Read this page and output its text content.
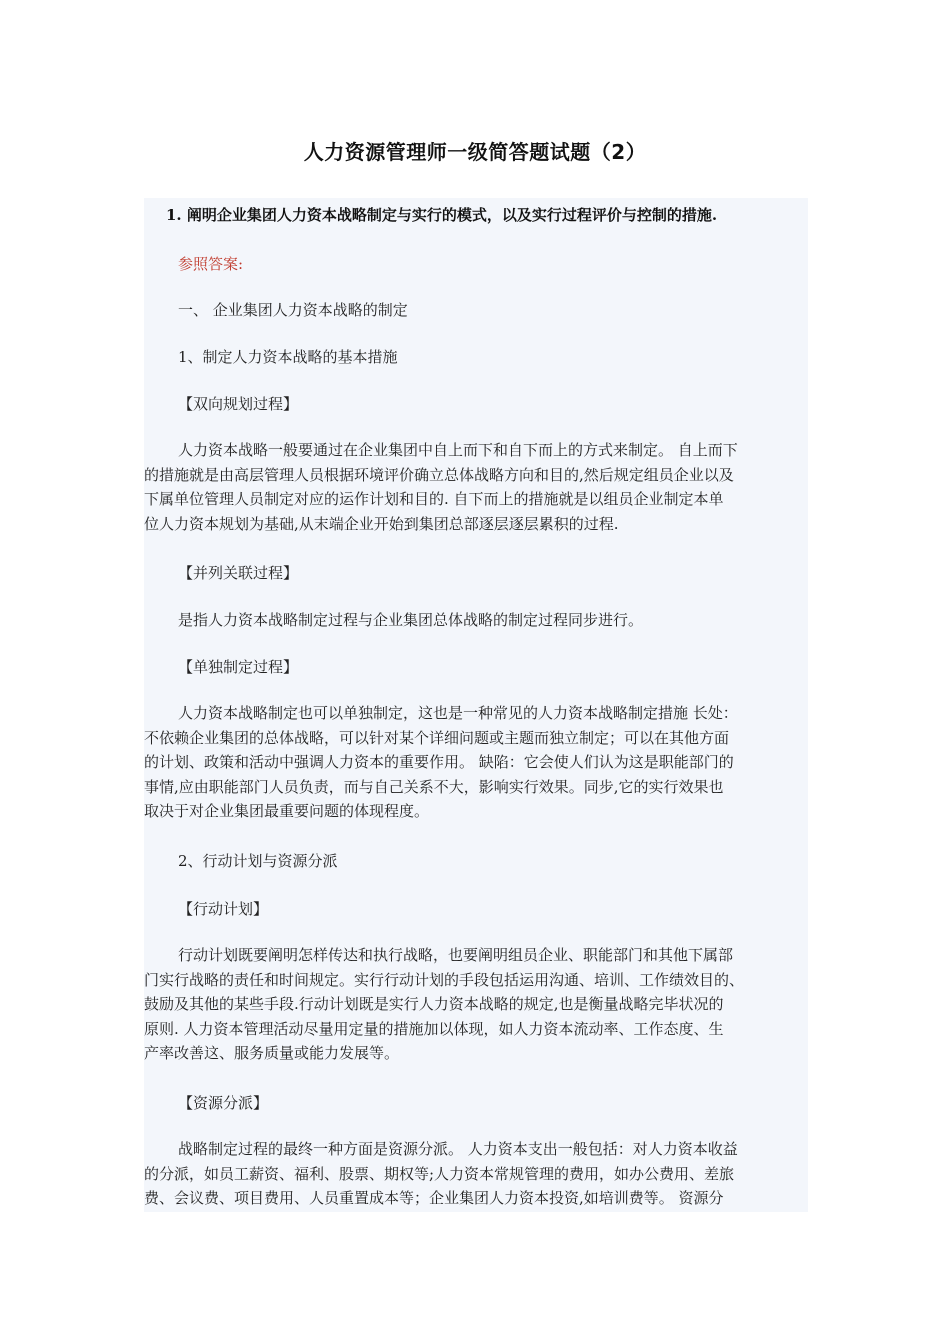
人力资源管理师一级简答题试题（2）
1. 阐明企业集团人力资本战略制定与实行的模式，以及实行过程评价与控制的措施.
参照答案:
一、 企业集团人力资本战略的制定
1、制定人力资本战略的基本措施
【双向规划过程】
人力资本战略一般要通过在企业集团中自上而下和自下而上的方式来制定。 自上而下
的措施就是由高层管理人员根据环境评价确立总体战略方向和目的,然后规定组员企业以及
下属单位管理人员制定对应的运作计划和目的. 自下而上的措施就是以组员企业制定本单
位人力资本规划为基础,从末端企业开始到集团总部逐层逐层累积的过程.
【并列关联过程】
是指人力资本战略制定过程与企业集团总体战略的制定过程同步进行。
【单独制定过程】
人力资本战略制定也可以单独制定，这也是一种常见的人力资本战略制定措施 长处：
不依赖企业集团的总体战略，可以针对某个详细问题或主题而独立制定；可以在其他方面
的计划、政策和活动中强调人力资本的重要作用。 缺陷：它会使人们认为这是职能部门的
事情,应由职能部门人员负责，而与自己关系不大，影响实行效果。同步,它的实行效果也
取决于对企业集团最重要问题的体现程度。
2、行动计划与资源分派
【行动计划】
行动计划既要阐明怎样传达和执行战略，也要阐明组员企业、职能部门和其他下属部
门实行战略的责任和时间规定。实行行动计划的手段包括运用沟通、培训、工作绩效目的、
鼓励及其他的某些手段.行动计划既是实行人力资本战略的规定,也是衡量战略完毕状况的
原则. 人力资本管理活动尽量用定量的措施加以体现，如人力资本流动率、工作态度、生
产率改善这、服务质量或能力发展等。
【资源分派】
战略制定过程的最终一种方面是资源分派。 人力资本支出一般包括：对人力资本收益
的分派，如员工薪资、福利、股票、期权等;人力资本常规管理的费用，如办公费用、差旅
费、会议费、项目费用、人员重置成本等；企业集团人力资本投资,如培训费等。 资源分
